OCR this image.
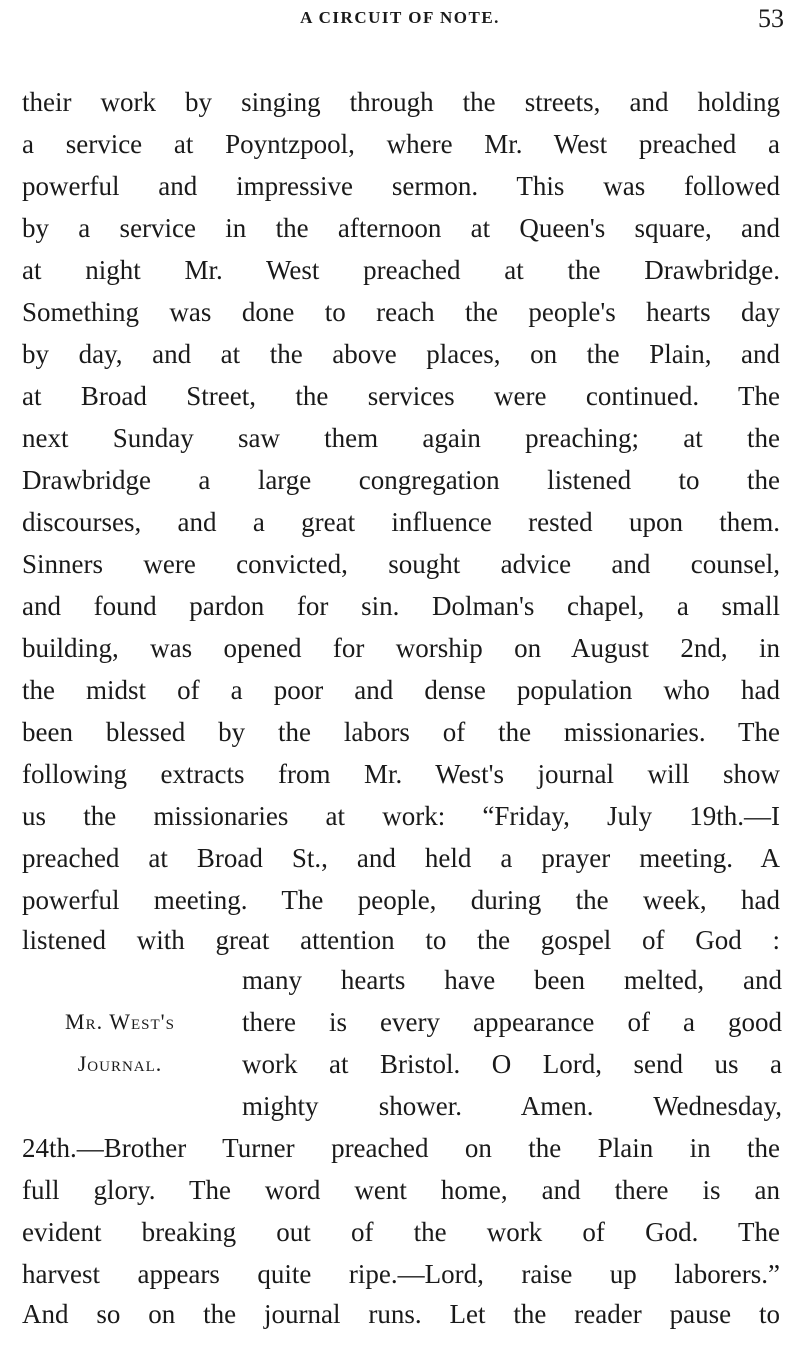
A CIRCUIT OF NOTE.	53
their work by singing through the streets, and holding
a service at Poyntzpool, where Mr. West preached a
powerful and impressive sermon. This was followed
by a service in the afternoon at Queen's square, and
at night Mr. West preached at the Drawbridge.
Something was done to reach the people's hearts day
by day, and at the above places, on the Plain, and
at Broad Street, the services were continued. The
next Sunday saw them again preaching; at the
Drawbridge a large congregation listened to the
discourses, and a great influence rested upon them.
Sinners were convicted, sought advice and counsel,
and found pardon for sin. Dolman's chapel, a small
building, was opened for worship on August 2nd, in
the midst of a poor and dense population who had
been blessed by the labors of the missionaries. The
following extracts from Mr. West's journal will show
us the missionaries at work: “Friday, July 19th.—I
preached at Broad St., and held a prayer meeting. A
powerful meeting. The people, during the week, had
listened with great attention to the gospel of God :
many hearts have been melted, and
there is every appearance of a good
work at Bristol. O Lord, send us a
mighty shower. Amen. Wednesday,
24th.—Brother Turner preached on the Plain in the
full glory. The word went home, and there is an
evident breaking out of the work of God. The
harvest appears quite ripe.—Lord, raise up laborers.”
And so on the journal runs. Let the reader pause to
Mr. West's
Journal.
